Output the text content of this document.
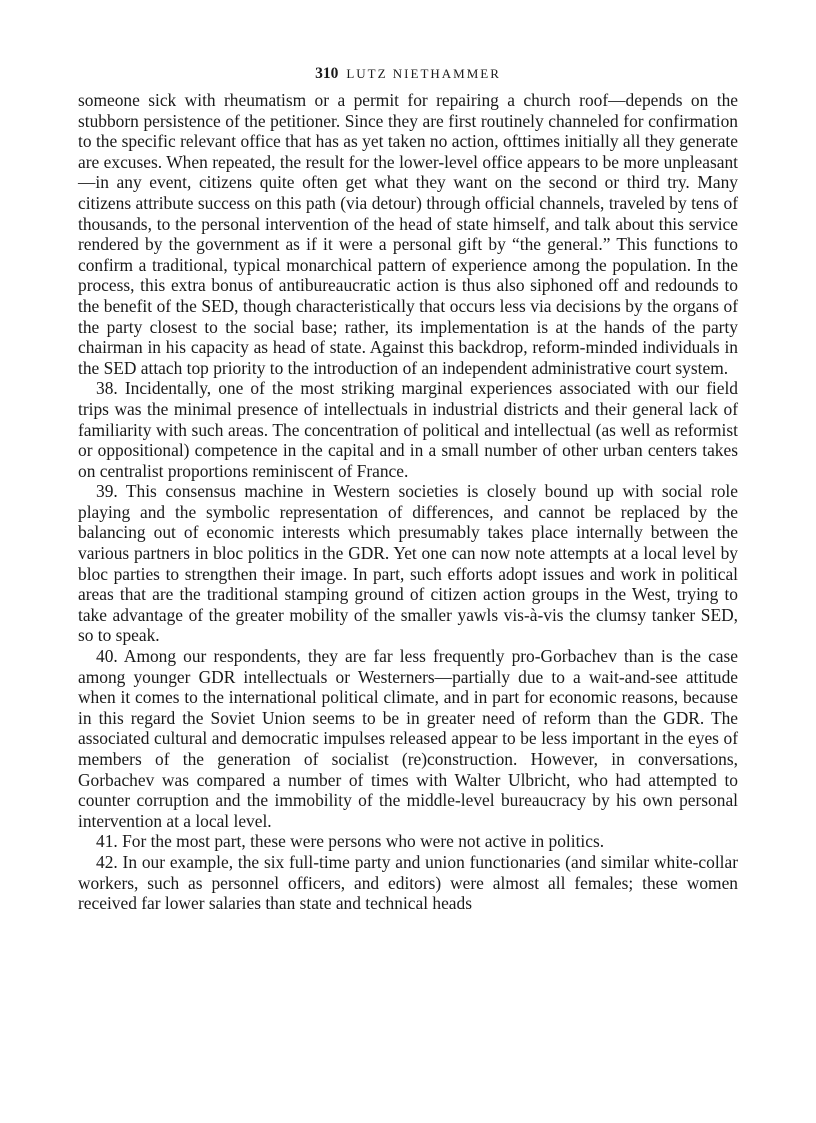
310 LUTZ NIETHAMMER

someone sick with rheumatism or a permit for repairing a church roof—depends on the stubborn persistence of the petitioner. Since they are first routinely channeled for confirmation to the specific relevant office that has as yet taken no action, ofttimes initially all they generate are excuses. When repeated, the result for the lower-level office appears to be more unpleasant—in any event, citizens quite often get what they want on the second or third try. Many citizens attribute success on this path (via detour) through official channels, traveled by tens of thousands, to the personal intervention of the head of state himself, and talk about this service rendered by the government as if it were a personal gift by “the general.” This functions to confirm a traditional, typical monarchical pattern of experience among the population. In the process, this extra bonus of antibureaucratic action is thus also siphoned off and redounds to the benefit of the SED, though characteristically that occurs less via decisions by the organs of the party closest to the social base; rather, its implementation is at the hands of the party chairman in his capacity as head of state. Against this backdrop, reform-minded individuals in the SED attach top priority to the introduction of an independent administrative court system.

38. Incidentally, one of the most striking marginal experiences associated with our field trips was the minimal presence of intellectuals in industrial districts and their general lack of familiarity with such areas. The concentration of political and intellectual (as well as reformist or oppositional) competence in the capital and in a small number of other urban centers takes on centralist proportions reminiscent of France.

39. This consensus machine in Western societies is closely bound up with social role playing and the symbolic representation of differences, and cannot be replaced by the balancing out of economic interests which presumably takes place internally between the various partners in bloc politics in the GDR. Yet one can now note attempts at a local level by bloc parties to strengthen their image. In part, such efforts adopt issues and work in political areas that are the traditional stamping ground of citizen action groups in the West, trying to take advantage of the greater mobility of the smaller yawls vis-à-vis the clumsy tanker SED, so to speak.

40. Among our respondents, they are far less frequently pro-Gorbachev than is the case among younger GDR intellectuals or Westerners—partially due to a wait-and-see attitude when it comes to the international political climate, and in part for economic reasons, because in this regard the Soviet Union seems to be in greater need of reform than the GDR. The associated cultural and democratic impulses released appear to be less important in the eyes of members of the generation of socialist (re)construction. However, in conversations, Gorbachev was compared a number of times with Walter Ulbricht, who had attempted to counter corruption and the immobility of the middle-level bureaucracy by his own personal intervention at a local level.

41. For the most part, these were persons who were not active in politics.

42. In our example, the six full-time party and union functionaries (and similar white-collar workers, such as personnel officers, and editors) were almost all females; these women received far lower salaries than state and technical heads
